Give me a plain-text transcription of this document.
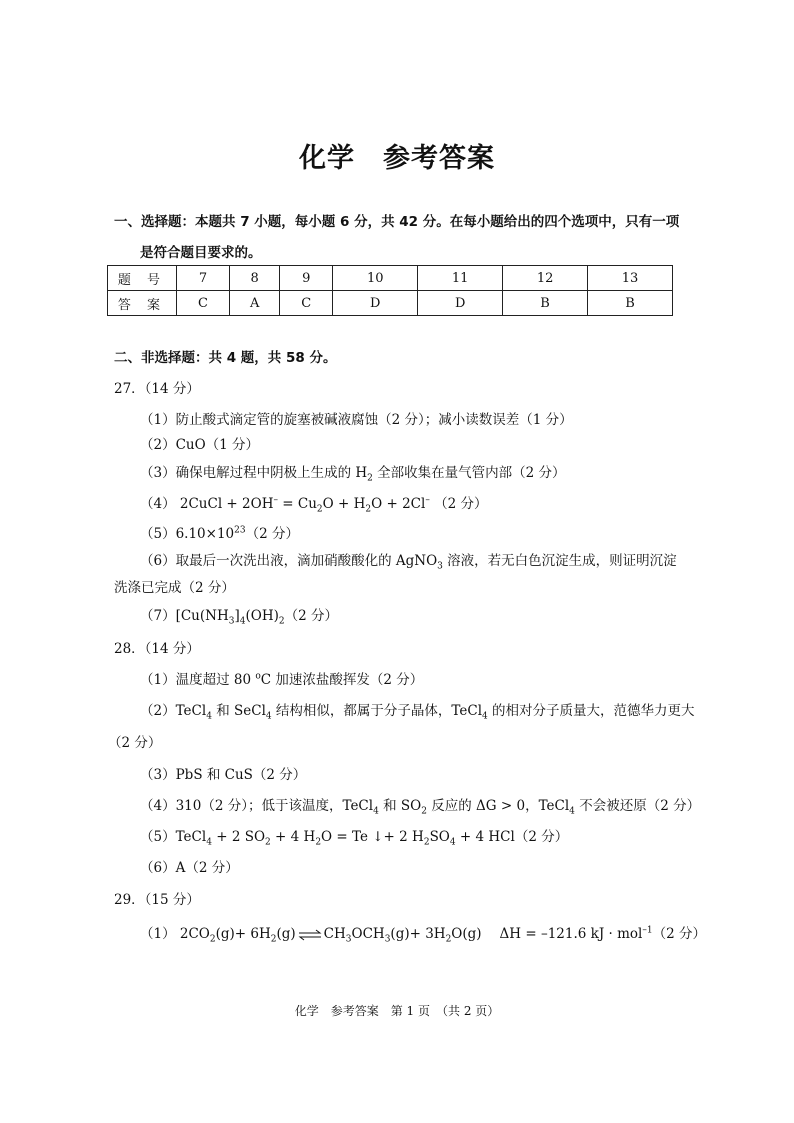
化学 参考答案
一、选择题：本题共 7 小题，每小题 6 分，共 42 分。在每小题给出的四个选项中，只有一项
是符合题目要求的。
题 号	7	8	9	10	11	12	13
答 案	C	A	C	D	D	B	B
二、非选择题：共 4 题，共 58 分。
27．（14 分）
（1）防止酸式滴定管的旋塞被碱液腐蚀（2 分）；减小读数误差（1 分）
（2）CuO（1 分）
（3）确保电解过程中阴极上生成的 $H_2$ 全部收集在量气管内部（2 分）
（4） 2CuCl + $2OH^- = Cu_2O + H_2O + 2Cl^-$ （2 分）
$(5)6.10\times 10^{23}(2$ 分）
（6）取最后一次洗出液，滴加硝酸酸化的 AgNO$_3$ 溶液，若无白色沉淀生成，则证明沉淀
洗涤已完成（2 分）
$(7)[Cu(NH_3]_4(OH)_2(2$ 分）
28．（14 分）
（1）温度超过 80 $^o$C 加速浓盐酸挥发（2 分）
（2）TeCl$_4$ 和 SeCl$_4$ 结构相似，都属于分子晶体，TeCl$_4$ 的相对分子质量大，范德华力更大
（2 分）
（3）PbS 和 CuS（2 分）
（4）310（2 分）；低于该温度，TeCl$_4$ 和 $SO_2$ 反应的 ΔG > 0，TeCl$_4$ 不会被还原（2 分）
（5）TeCl$_4$ + 2 $SO_2 + 4$ $H_2O = Te$ ↓+ 2 $H_2SO_4 + 4$ HCl（2 分）
（6）A（2 分）
29．（15 分）
（1） $2CO_2(g)+ 6H_2(g)$ ⇌ $CH_3OCH_3(g)+ 3H_2O(g) \Delta H = -121.6$ kJ · mol$^{-1}$（2 分）
化学　参考答案　第 1 页　（共 2 页）
